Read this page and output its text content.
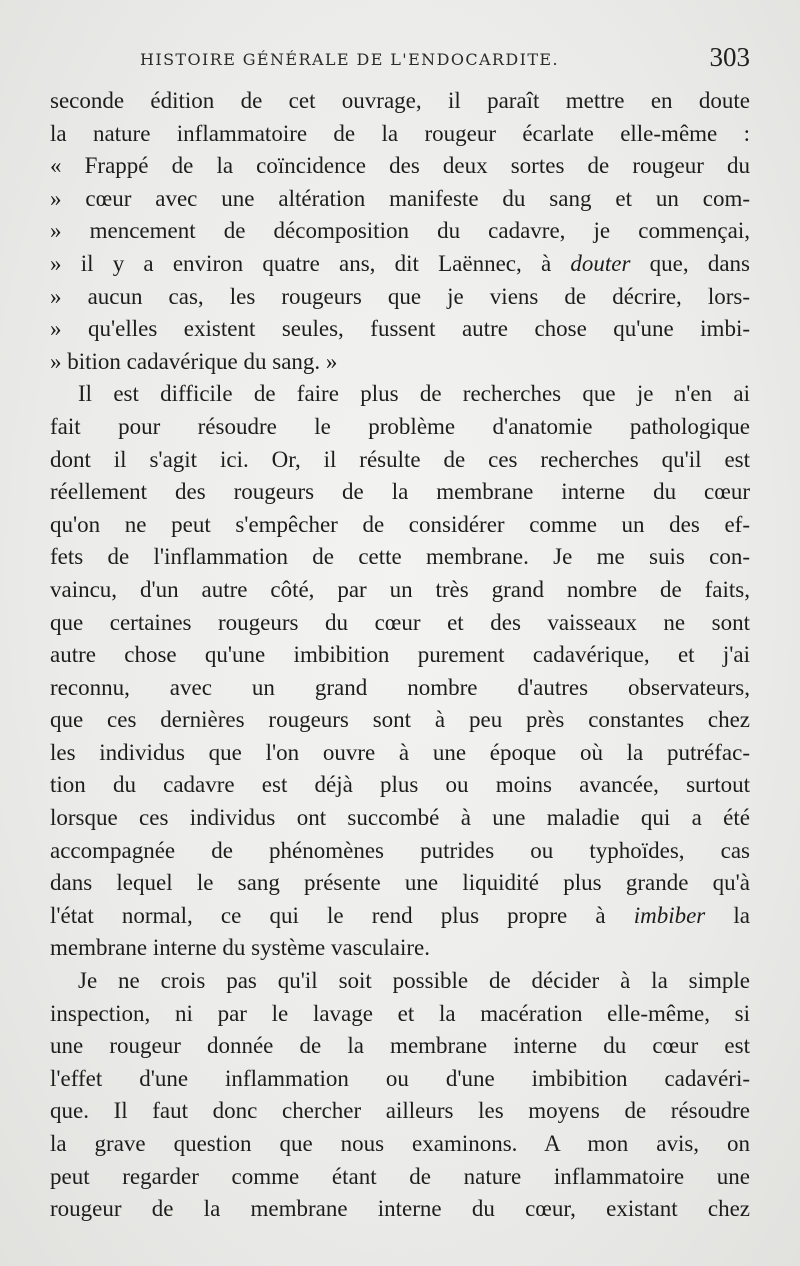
HISTOIRE GÉNÉRALE DE L'ENDOCARDITE.	303
seconde édition de cet ouvrage, il paraît mettre en doute
la nature inflammatoire de la rougeur écarlate elle-même :
« Frappé de la coïncidence des deux sortes de rougeur du
» cœur avec une altération manifeste du sang et un com-
» mencement de décomposition du cadavre, je commençai,
» il y a environ quatre ans, dit Laënnec, à douter que, dans
» aucun cas, les rougeurs que je viens de décrire, lors-
» qu'elles existent seules, fussent autre chose qu'une imbi-
» bition cadavérique du sang. »
Il est difficile de faire plus de recherches que je n'en ai
fait pour résoudre le problème d'anatomie pathologique
dont il s'agit ici. Or, il résulte de ces recherches qu'il est
réellement des rougeurs de la membrane interne du cœur
qu'on ne peut s'empêcher de considérer comme un des ef-
fets de l'inflammation de cette membrane. Je me suis con-
vaincu, d'un autre côté, par un très grand nombre de faits,
que certaines rougeurs du cœur et des vaisseaux ne sont
autre chose qu'une imbibition purement cadavérique, et j'ai
reconnu, avec un grand nombre d'autres observateurs,
que ces dernières rougeurs sont à peu près constantes chez
les individus que l'on ouvre à une époque où la putréfac-
tion du cadavre est déjà plus ou moins avancée, surtout
lorsque ces individus ont succombé à une maladie qui a été
accompagnée de phénomènes putrides ou typhoïdes, cas
dans lequel le sang présente une liquidité plus grande qu'à
l'état normal, ce qui le rend plus propre à imbiber la
membrane interne du système vasculaire.
Je ne crois pas qu'il soit possible de décider à la simple
inspection, ni par le lavage et la macération elle-même, si
une rougeur donnée de la membrane interne du cœur est
l'effet d'une inflammation ou d'une imbibition cadavéri-
que. Il faut donc chercher ailleurs les moyens de résoudre
la grave question que nous examinons. A mon avis, on
peut regarder comme étant de nature inflammatoire une
rougeur de la membrane interne du cœur, existant chez
